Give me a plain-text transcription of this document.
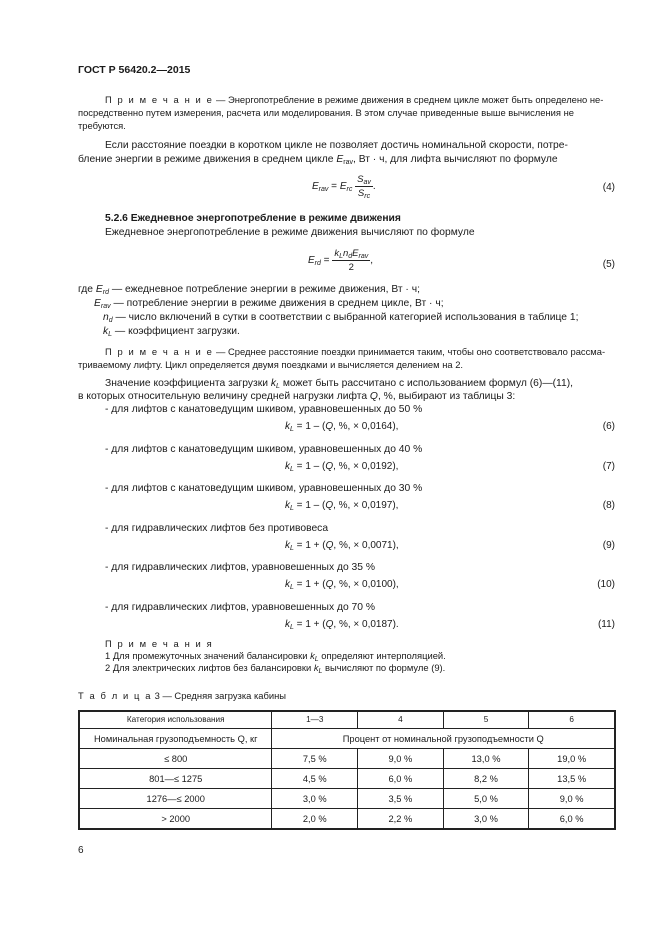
ГОСТ Р 56420.2—2015
П р и м е ч а н и е — Энергопотребление в режиме движения в среднем цикле может быть определено не-
посредственно путем измерения, расчета или моделирования. В этом случае приведенные выше вычисления не
требуются.
Если расстояние поездки в коротком цикле не позволяет достичь номинальной скорости, потре-
бление энергии в режиме движения в среднем цикле $E_{rav}$, Вт · ч, для лифта вычисляют по формуле
$E_{rav} = E_{rc} \frac{S_{av}}{S_{rc}}$ .	(4)
5.2.6 Ежедневное энергопотребление в режиме движения
Ежедневное энергопотребление в режиме движения вычисляют по формуле
$E_{rd} = \frac{k_Ln_dE_{rav}}{2}$ ,	(5)
где $E_{rd}$ — ежедневное потребление энергии в режиме движения, Вт · ч;
$E_{rav}$ — потребление энергии в режиме движения в среднем цикле, Вт · ч;
$n_d$ — число включений в сутки в соответствии с выбранной категорией использования в таблице 1;
$k_L$ — коэффициент загрузки.
П р и м е ч а н и е — Среднее расстояние поездки принимается таким, чтобы оно соответствовало рассма-
триваемому лифту. Цикл определяется двумя поездками и вычисляется делением на 2.
Значение коэффициента загрузки $k_L$ может быть рассчитано с использованием формул (6)—(11),
в которых относительную величину средней нагрузки лифта Q, %, выбирают из таблицы 3:
- для лифтов с канатоведущим шкивом, уравновешенных до 50 %
$k_L = 1 - (Q$, %, × 0,0164),	(6)
- для лифтов с канатоведущим шкивом, уравновешенных до 40 %
$k_L = 1 - (Q$, %, × 0,0192),	(7)
- для лифтов с канатоведущим шкивом, уравновешенных до 30 %
$k_L = 1 - (Q$, %, × 0,0197),	(8)
- для гидравлических лифтов без противовеса
$k_L = 1 + (Q$, %, × 0,0071),	(9)
- для гидравлических лифтов, уравновешенных до 35 %
$k_L = 1 + (Q$, %, × 0,0100),	(10)
- для гидравлических лифтов, уравновешенных до 70 %
$k_L = 1 + (Q$, %, × 0,0187).	(11)
П р и м е ч а н и я
1 Для промежуточных значений балансировки $k_L$ определяют интерполяцией.
2 Для электрических лифтов без балансировки $k_L$ вычисляют по формуле (9).
Т а б л и ц а 3 — Средняя загрузка кабины
Категория использования	1—3	4	5	6
Номинальная грузоподъемность Q, кг	Процент от номинальной грузоподъемности Q			
≤ 800	7,5 %	9,0 %	13,0 %	19,0 %
801—≤ 1275	4,5 %	6,0 %	8,2 %	13,5 %
1276—≤ 2000	3,0 %	3,5 %	5,0 %	9,0 %
> 2000	2,0 %	2,2 %	3,0 %	6,0 %
6
